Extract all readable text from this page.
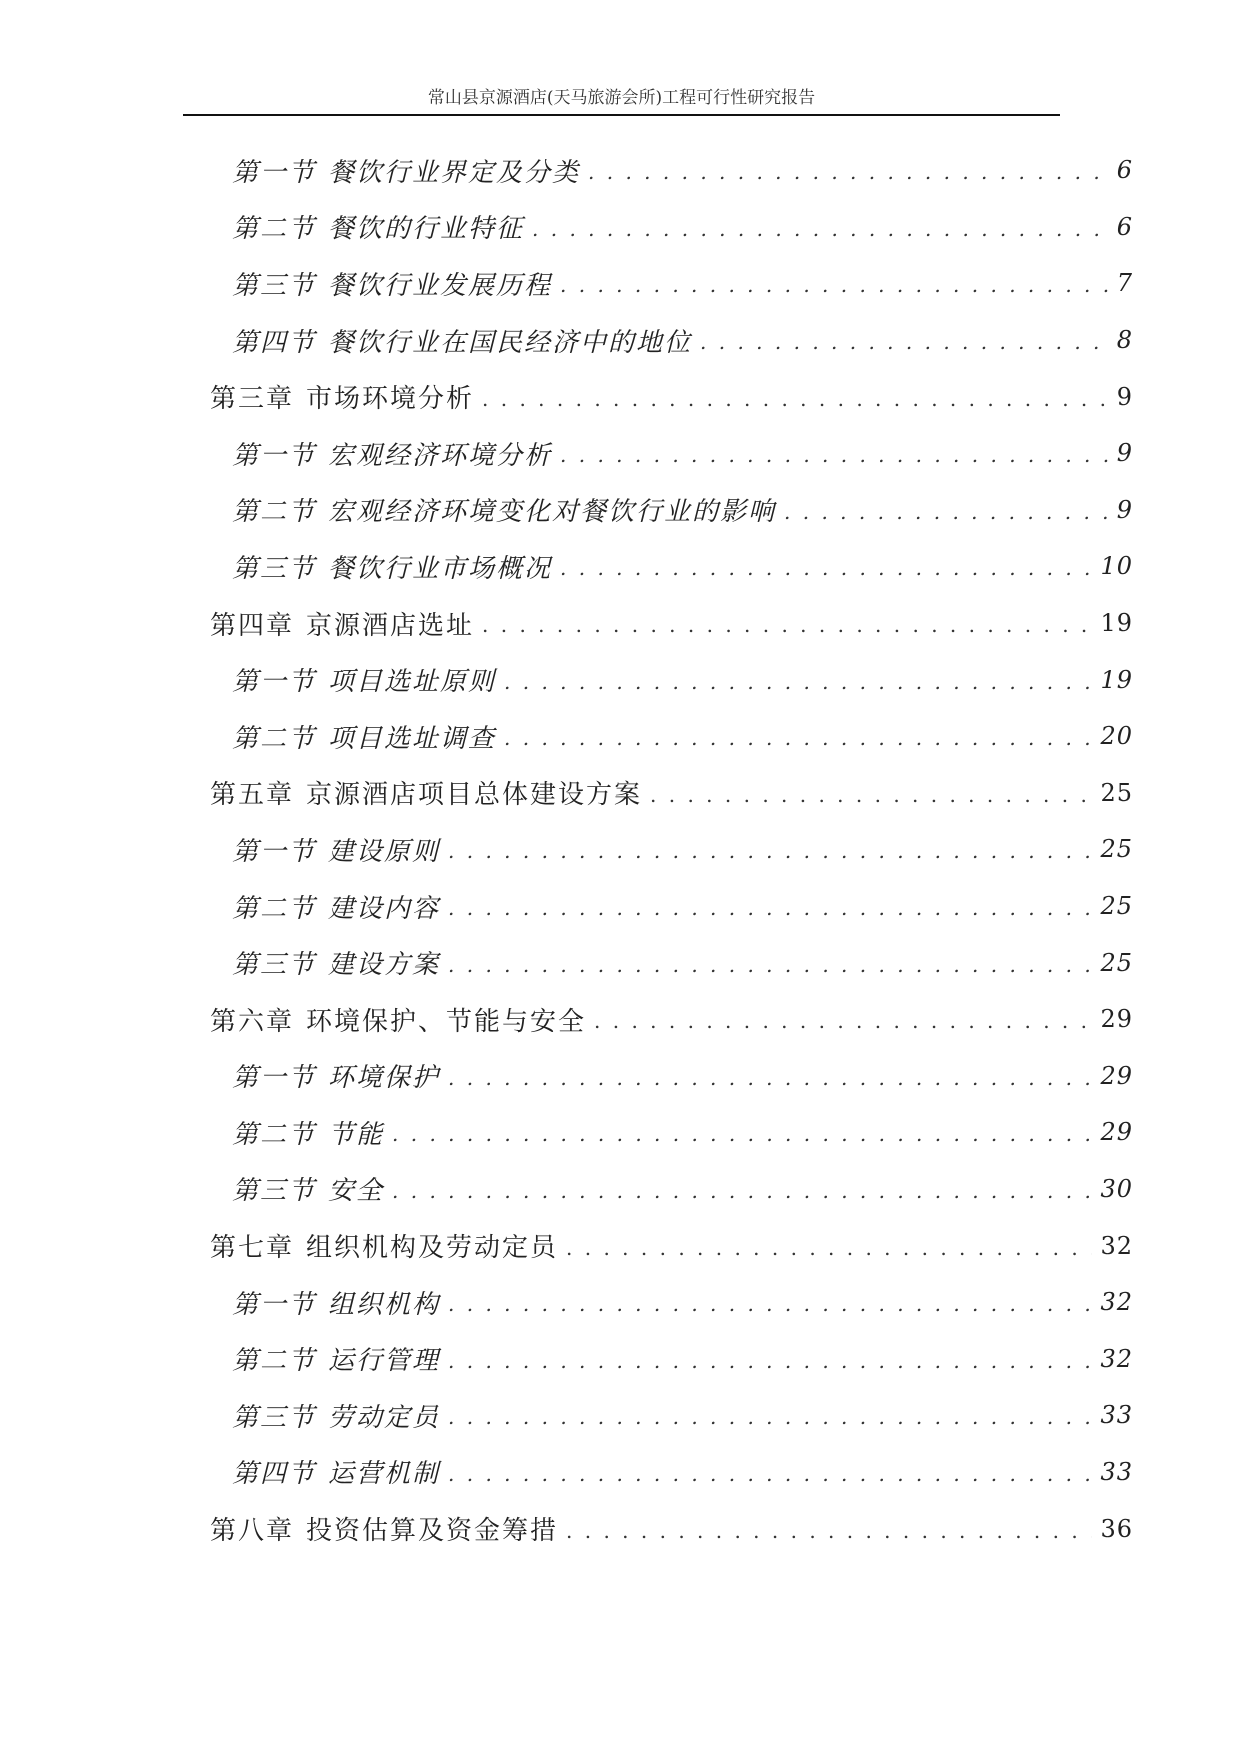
常山县京源酒店(天马旅游会所)工程可行性研究报告
第一节 餐饮行业界定及分类 . . .	6
第二节 餐饮的行业特征 . . .	6
第三节 餐饮行业发展历程 . . .	7
第四节 餐饮行业在国民经济中的地位 . . .	8
第三章 市场环境分析 . . .	9
第一节 宏观经济环境分析 . . .	9
第二节 宏观经济环境变化对餐饮行业的影响 . . .	9
第三节 餐饮行业市场概况 . . .	10
第四章 京源酒店选址 . . .	19
第一节 项目选址原则 . . .	19
第二节 项目选址调查 . . .	20
第五章 京源酒店项目总体建设方案 . . .	25
第一节 建设原则 . . .	25
第二节 建设内容 . . .	25
第三节 建设方案 . . .	25
第六章 环境保护、节能与安全 . . .	29
第一节 环境保护 . . .	29
第二节 节能 . . .	29
第三节 安全 . . .	30
第七章 组织机构及劳动定员 . . .	32
第一节 组织机构 . . .	32
第二节 运行管理 . . .	32
第三节 劳动定员 . . .	33
第四节 运营机制 . . .	33
第八章 投资估算及资金筹措 . . .	36
